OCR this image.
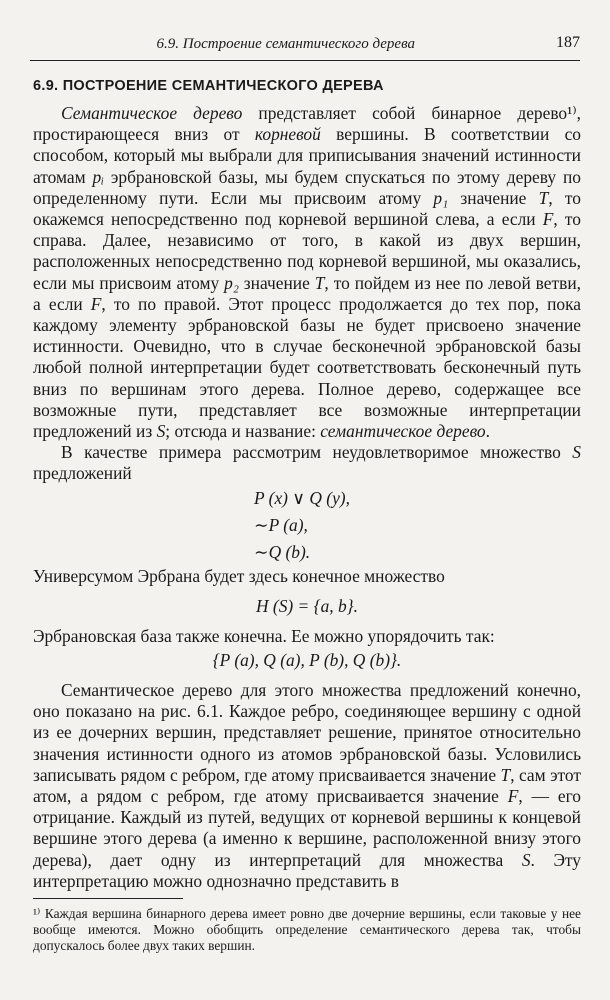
6.9. Построение семантического дерева	187
6.9. ПОСТРОЕНИЕ СЕМАНТИЧЕСКОГО ДЕРЕВА

Семантическое дерево представляет собой бинарное дерево¹⁾, простирающееся вниз от корневой вершины. В соответствии со способом, который мы выбрали для приписывания значений истинности атомам pᵢ эрбрановской базы, мы будем спускаться по этому дереву по определенному пути. Если мы присвоим атому p₁ значение T, то окажемся непосредственно под корневой вершиной слева, а если F, то справа. Далее, независимо от того, в какой из двух вершин, расположенных непосредственно под корневой вершиной, мы оказались, если мы присвоим атому p₂ значение T, то пойдем из нее по левой ветви, а если F, то по правой. Этот процесс продолжается до тех пор, пока каждому элементу эрбрановской базы не будет присвоено значение истинности. Очевидно, что в случае бесконечной эрбрановской базы любой полной интерпретации будет соответствовать бесконечный путь вниз по вершинам этого дерева. Полное дерево, содержащее все возможные пути, представляет все возможные интерпретации предложений из S; отсюда и название: семантическое дерево.

В качестве примера рассмотрим неудовлетворимое множество S предложений

P (x) ∨ Q (y),
∼P (a),
∼Q (b).

Универсумом Эрбрана будет здесь конечное множество

H (S) = {a, b}.

Эрбрановская база также конечна. Ее можно упорядочить так:

{P (a), Q (a), P (b), Q (b)}.

Семантическое дерево для этого множества предложений конечно, оно показано на рис. 6.1. Каждое ребро, соединяющее вершину с одной из ее дочерних вершин, представляет решение, принятое относительно значения истинности одного из атомов эрбрановской базы. Условились записывать рядом с ребром, где атому присваивается значение T, сам этот атом, а рядом с ребром, где атому присваивается значение F, — его отрицание. Каждый из путей, ведущих от корневой вершины к концевой вершине этого дерева (а именно к вершине, расположенной внизу этого дерева), дает одну из интерпретаций для множества S. Эту интерпретацию можно однозначно представить в

¹⁾ Каждая вершина бинарного дерева имеет ровно две дочерние вершины, если таковые у нее вообще имеются. Можно обобщить определение семантического дерева так, чтобы допускалось более двух таких вершин.
